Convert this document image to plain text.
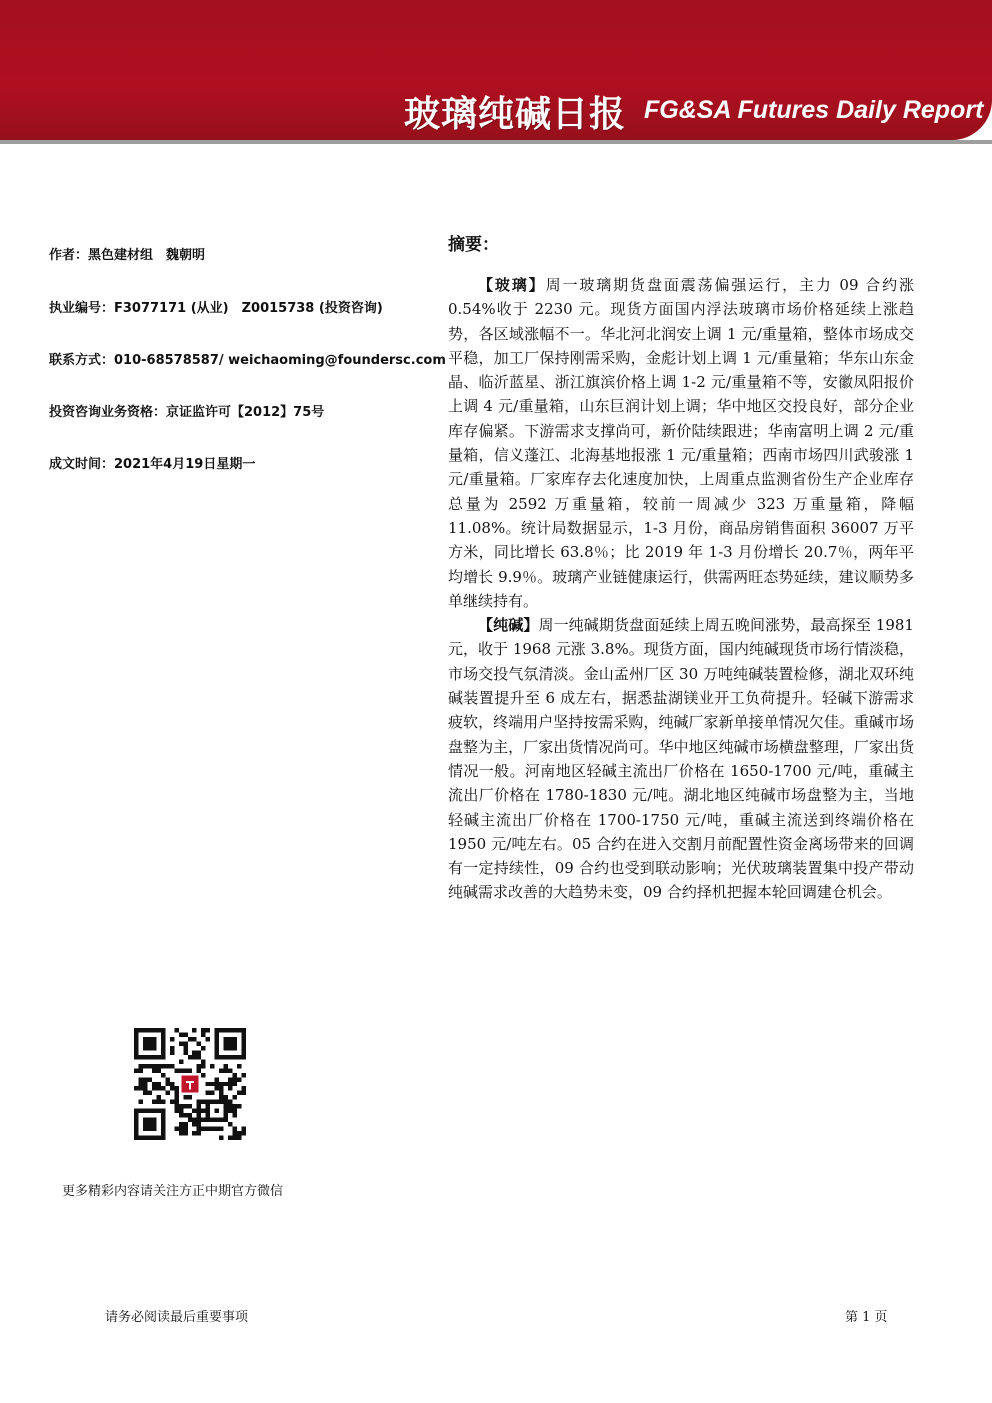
玻璃纯碱日报 FG&SA Futures Daily Report
作者：黑色建材组　魏朝明
执业编号：F3077171 (从业)　Z0015738 (投资咨询)
联系方式：010-68578587/ weichaoming@foundersc.com
投资咨询业务资格：京证监许可【2012】75号
成文时间：2021年4月19日星期一
摘要：

【玻璃】周一玻璃期货盘面震荡偏强运行，主力 09 合约涨 0.54%收于 2230 元。现货方面国内浮法玻璃市场价格延续上涨趋势，各区域涨幅不一。华北河北润安上调 1 元/重量箱，整体市场成交平稳，加工厂保持刚需采购，金彪计划上调 1 元/重量箱；华东山东金晶、临沂蓝星、浙江旗滨价格上调 1-2 元/重量箱不等，安徽凤阳报价上调 4 元/重量箱，山东巨润计划上调；华中地区交投良好，部分企业库存偏紧。下游需求支撑尚可，新价陆续跟进；华南富明上调 2 元/重量箱，信义蓬江、北海基地报涨 1 元/重量箱；西南市场四川武骏涨 1 元/重量箱。厂家库存去化速度加快，上周重点监测省份生产企业库存总量为 2592 万重量箱，较前一周减少 323 万重量箱，降幅 11.08%。统计局数据显示，1-3 月份，商品房销售面积 36007 万平方米，同比增长 63.8％；比 2019 年 1-3 月份增长 20.7％，两年平均增长 9.9％。玻璃产业链健康运行，供需两旺态势延续，建议顺势多单继续持有。

【纯碱】周一纯碱期货盘面延续上周五晚间涨势，最高探至 1981 元，收于 1968 元涨 3.8%。现货方面，国内纯碱现货市场行情淡稳，市场交投气氛清淡。金山孟州厂区 30 万吨纯碱装置检修，湖北双环纯碱装置提升至 6 成左右，据悉盐湖镁业开工负荷提升。轻碱下游需求疲软，终端用户坚持按需采购，纯碱厂家新单接单情况欠佳。重碱市场盘整为主，厂家出货情况尚可。华中地区纯碱市场横盘整理，厂家出货情况一般。河南地区轻碱主流出厂价格在 1650-1700 元/吨，重碱主流出厂价格在 1780-1830 元/吨。湖北地区纯碱市场盘整为主，当地轻碱主流出厂价格在 1700-1750 元/吨，重碱主流送到终端价格在 1950 元/吨左右。05 合约在进入交割月前配置性资金离场带来的回调有一定持续性，09 合约也受到联动影响；光伏玻璃装置集中投产带动纯碱需求改善的大趋势未变，09 合约择机把握本轮回调建仓机会。

更多精彩内容请关注方正中期官方微信
请务必阅读最后重要事项	第 1 页
